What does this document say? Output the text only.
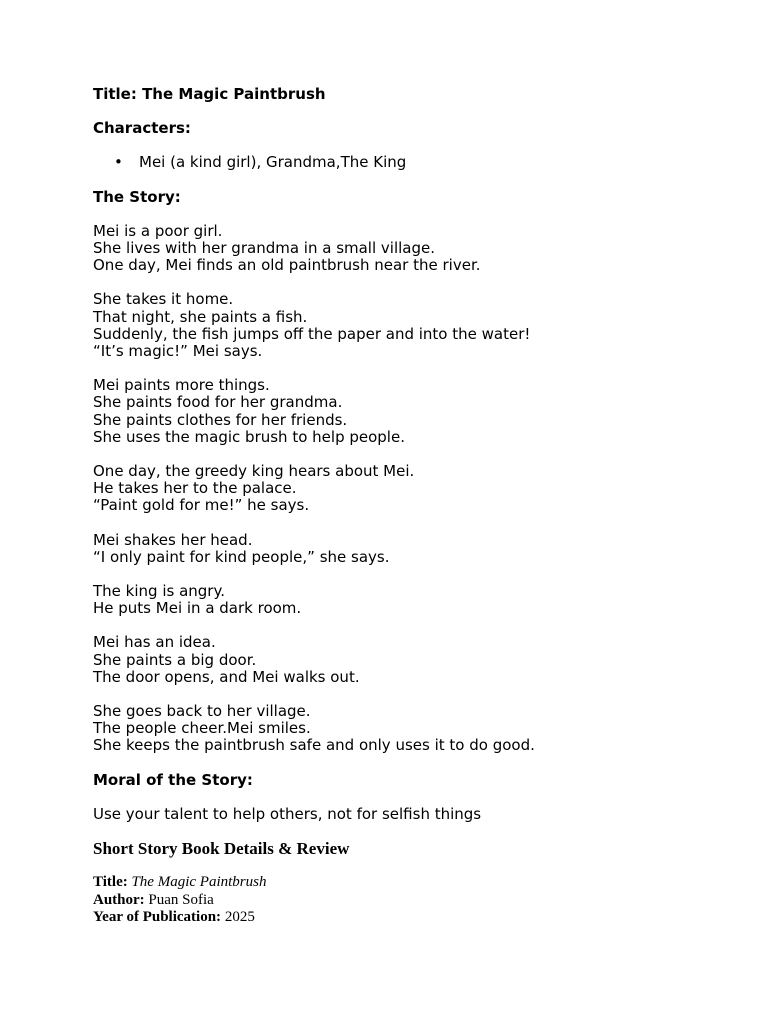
Title: The Magic Paintbrush

Characters:

• Mei (a kind girl), Grandma,The King

The Story:

Mei is a poor girl.

She lives with her grandma in a small village.

One day, Mei finds an old paintbrush near the river.

She takes it home.

That night, she paints a fish.

Suddenly, the fish jumps off the paper and into the water!

“It’s magic!” Mei says.

Mei paints more things.

She paints food for her grandma.

She paints clothes for her friends.

She uses the magic brush to help people.

One day, the greedy king hears about Mei.

He takes her to the palace.

“Paint gold for me!” he says.

Mei shakes her head.

“I only paint for kind people,” she says.

The king is angry.

He puts Mei in a dark room.

Mei has an idea.

She paints a big door.

The door opens, and Mei walks out.

She goes back to her village.

The people cheer.Mei smiles.

She keeps the paintbrush safe and only uses it to do good.

Moral of the Story:

Use your talent to help others, not for selfish things

Short Story Book Details & Review

Title: The Magic Paintbrush
Author: Puan Sofia
Year of Publication: 2025
